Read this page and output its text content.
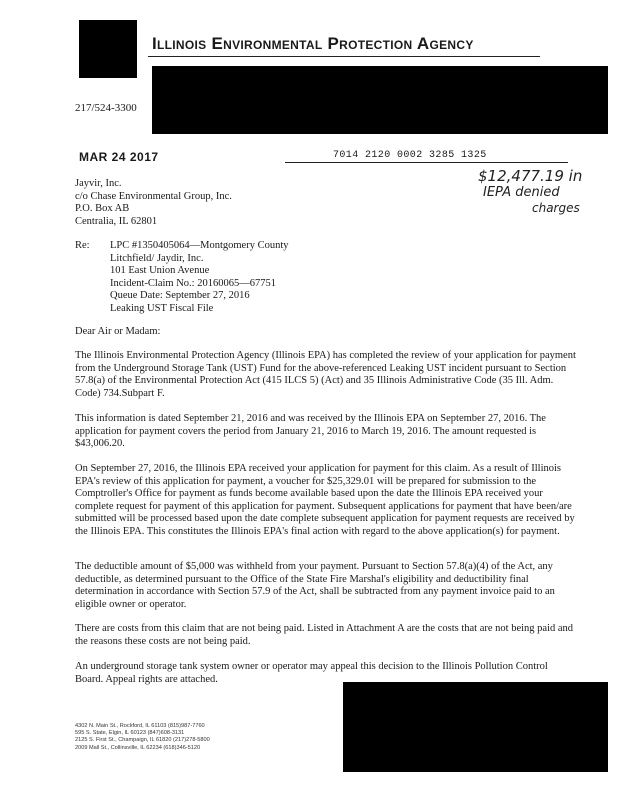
Illinois Environmental Protection Agency
217/524-3300
MAR 24 2017	7014 2120 0002 3285 1325
$12,477.19 in
IEPA denied
charges
Jayvir, Inc.
c/o Chase Environmental Group, Inc.
P.O. Box AB
Centralia, IL 62801
Re: LPC #1350405064—Montgomery County
Litchfield/ Jaydir, Inc.
101 East Union Avenue
Incident-Claim No.: 20160065—67751
Queue Date: September 27, 2016
Leaking UST Fiscal File
Dear Air or Madam:

The Illinois Environmental Protection Agency (Illinois EPA) has completed the review of your application for payment from the Underground Storage Tank (UST) Fund for the above-referenced Leaking UST incident pursuant to Section 57.8(a) of the Environmental Protection Act (415 ILCS 5) (Act) and 35 Illinois Administrative Code (35 Ill. Adm. Code) 734.Subpart F.

This information is dated September 21, 2016 and was received by the Illinois EPA on September 27, 2016. The application for payment covers the period from January 21, 2016 to March 19, 2016. The amount requested is $43,006.20.

On September 27, 2016, the Illinois EPA received your application for payment for this claim. As a result of Illinois EPA's review of this application for payment, a voucher for $25,329.01 will be prepared for submission to the Comptroller's Office for payment as funds become available based upon the date the Illinois EPA received your complete request for payment of this application for payment. Subsequent applications for payment that have been/are submitted will be processed based upon the date complete subsequent application for payment requests are received by the Illinois EPA. This constitutes the Illinois EPA's final action with regard to the above application(s) for payment.

The deductible amount of $5,000 was withheld from your payment. Pursuant to Section 57.8(a)(4) of the Act, any deductible, as determined pursuant to the Office of the State Fire Marshal's eligibility and deductibility final determination in accordance with Section 57.9 of the Act, shall be subtracted from any payment invoice paid to an eligible owner or operator.

There are costs from this claim that are not being paid. Listed in Attachment A are the costs that are not being paid and the reasons these costs are not being paid.

An underground storage tank system owner or operator may appeal this decision to the Illinois Pollution Control Board. Appeal rights are attached.

4302 N. Main St., Rockford, IL 61103 (815)987-7760
595 S. State, Elgin, IL 60123 (847)608-3131
2125 S. First St., Champaign, IL 61820 (217)278-5800
2009 Mall St., Collinsville, IL 62234 (618)346-5120
